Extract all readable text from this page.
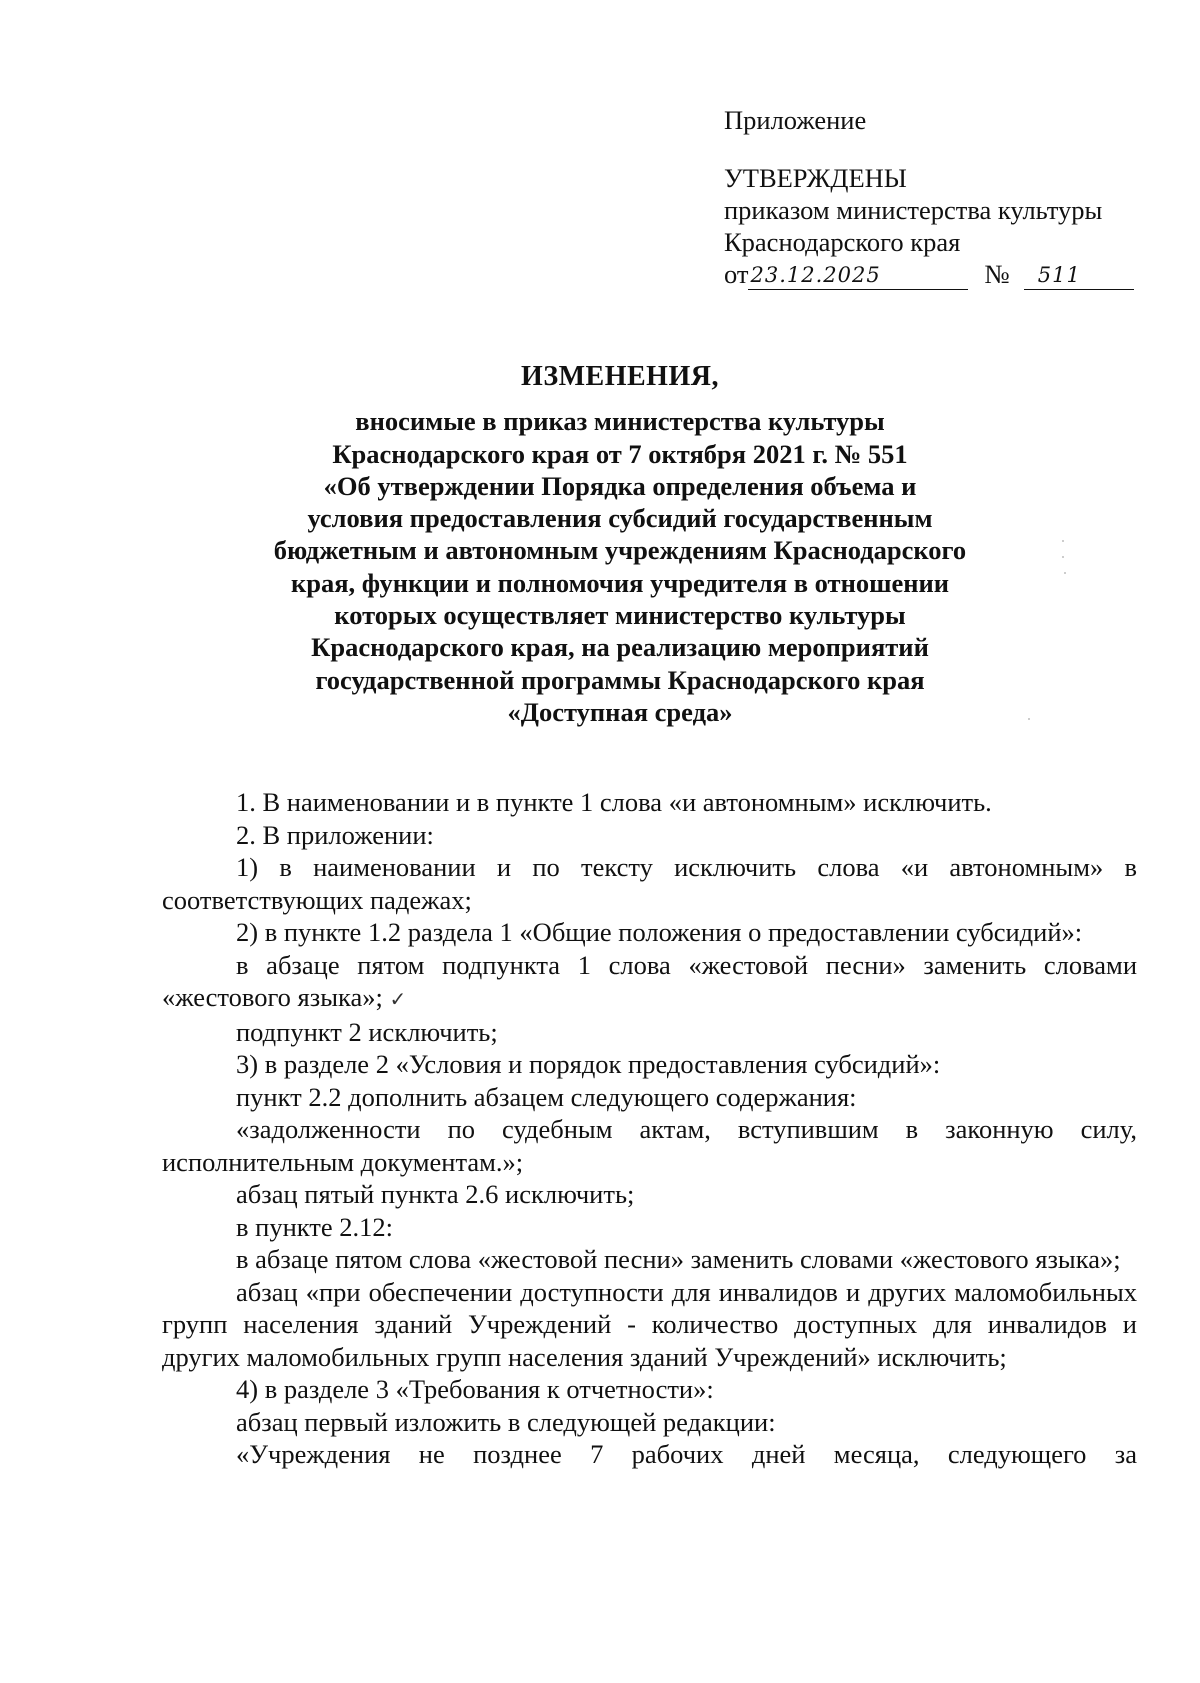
Приложение
УТВЕРЖДЕНЫ
приказом министерства культуры
Краснодарского края
от 23.12.2025	№	511
ИЗМЕНЕНИЯ,
вносимые в приказ министерства культуры
Краснодарского края от 7 октября 2021 г. № 551
«Об утверждении Порядка определения объема и
условия предоставления субсидий государственным
бюджетным и автономным учреждениям Краснодарского
края, функции и полномочия учредителя в отношении
которых осуществляет министерство культуры
Краснодарского края, на реализацию мероприятий
государственной программы Краснодарского края
«Доступная среда»
1. В наименовании и в пункте 1 слова «и автономным» исключить.
2. В приложении:
1) в наименовании и по тексту исключить слова «и автономным» в соответствующих падежах;
2) в пункте 1.2 раздела 1 «Общие положения о предоставлении субсидий»:
в абзаце пятом подпункта 1 слова «жестовой песни» заменить словами «жестового языка»; ✓
подпункт 2 исключить;
3) в разделе 2 «Условия и порядок предоставления субсидий»:
пункт 2.2 дополнить абзацем следующего содержания:
«задолженности по судебным актам, вступившим в законную силу, исполнительным документам.»;
абзац пятый пункта 2.6 исключить;
в пункте 2.12:
в абзаце пятом слова «жестовой песни» заменить словами «жестового языка»;
абзац «при обеспечении доступности для инвалидов и других маломобильных групп населения зданий Учреждений - количество доступных для инвалидов и других маломобильных групп населения зданий Учреждений» исключить;
4) в разделе 3 «Требования к отчетности»:
абзац первый изложить в следующей редакции:
«Учреждения не позднее 7 рабочих дней месяца, следующего за
